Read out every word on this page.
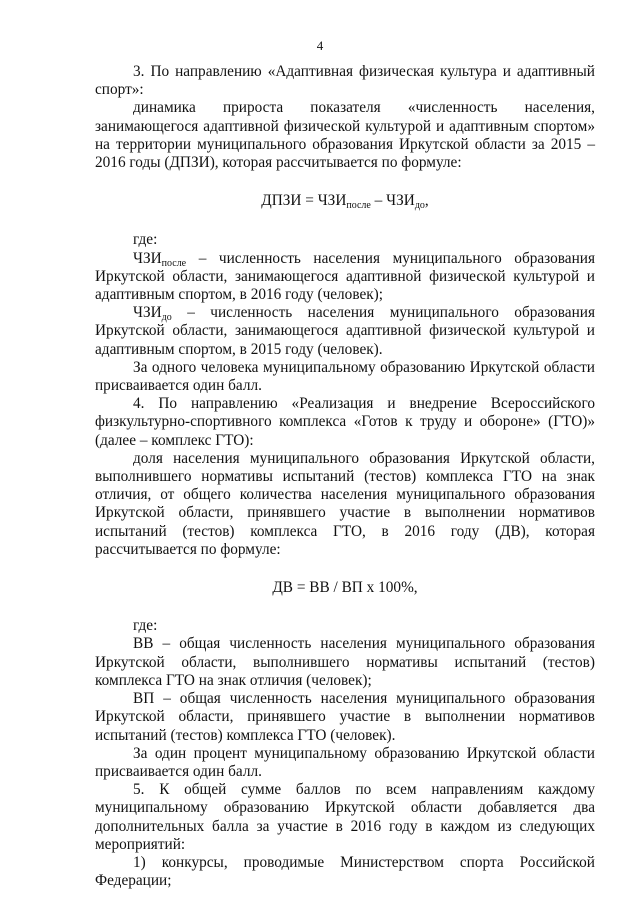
4

3. По направлению «Адаптивная физическая культура и адаптивный спорт»:

динамика прироста показателя «численность населения, занимающегося адаптивной физической культурой и адаптивным спортом» на территории муниципального образования Иркутской области за 2015 – 2016 годы (ДПЗИ), которая рассчитывается по формуле:

ДПЗИ = $ЧЗИ_{после} - ЧЗИ_{до}$,

где:

$ЧЗИ_{после}$ – численность населения муниципального образования Иркутской области, занимающегося адаптивной физической культурой и адаптивным спортом, в 2016 году (человек);

$ЧЗИ_{до}$ – численность населения муниципального образования Иркутской области, занимающегося адаптивной физической культурой и адаптивным спортом, в 2015 году (человек).

За одного человека муниципальному образованию Иркутской области присваивается один балл.

4. По направлению «Реализация и внедрение Всероссийского физкультурно-спортивного комплекса «Готов к труду и обороне» (ГТО)» (далее – комплекс ГТО):

доля населения муниципального образования Иркутской области, выполнившего нормативы испытаний (тестов) комплекса ГТО на знак отличия, от общего количества населения муниципального образования Иркутской области, принявшего участие в выполнении нормативов испытаний (тестов) комплекса ГТО, в 2016 году (ДВ), которая рассчитывается по формуле:

ДВ = ВВ / ВП х 100%,

где:

ВВ – общая численность населения муниципального образования Иркутской области, выполнившего нормативы испытаний (тестов) комплекса ГТО на знак отличия (человек);

ВП – общая численность населения муниципального образования Иркутской области, принявшего участие в выполнении нормативов испытаний (тестов) комплекса ГТО (человек).

За один процент муниципальному образованию Иркутской области присваивается один балл.

5. К общей сумме баллов по всем направлениям каждому муниципальному образованию Иркутской области добавляется два дополнительных балла за участие в 2016 году в каждом из следующих мероприятий:

1) конкурсы, проводимые Министерством спорта Российской Федерации;
